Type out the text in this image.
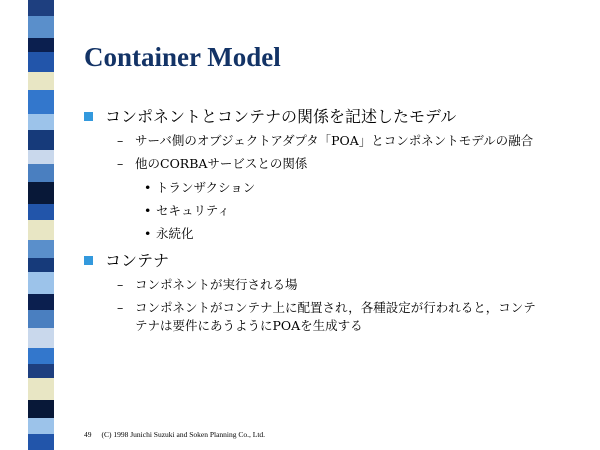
Container Model
コンポネントとコンテナの関係を記述したモデル
– サーバ側のオブジェクトアダプタ「POA」とコンポネントモデルの融合
– 他のCORBAサービスとの関係
• トランザクション
• セキュリティ
• 永続化
コンテナ
– コンポネントが実行される場
– コンポネントがコンテナ上に配置され，各種設定が行われると，コンテ
テナは要件にあうようにPOAを生成する
49 (C) 1998 Junichi Suzuki and Soken Planning Co., Ltd.
